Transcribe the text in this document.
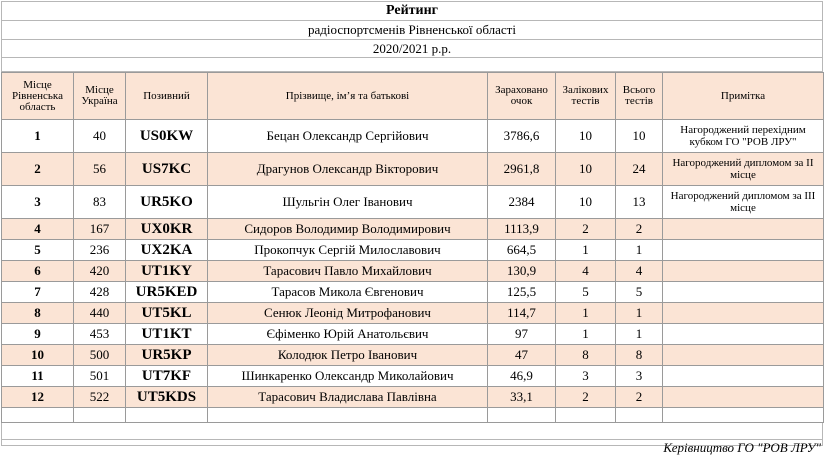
Рейтинг
радіоспортсменів Рівненської області
2020/2021 р.р.
Місце Рівненська область	Місце Україна	Позивний	Прізвище, ім’я та батькові	Зараховано очок	Залікових тестів	Всього тестів	Примітка
1	40	US0KW	Бецан Олександр Сергійович	3786,6	10	10	Нагороджений перехідним кубком ГО "РОВ ЛРУ"
2	56	US7KC	Драгунов Олександр Вікторович	2961,8	10	24	Нагороджений дипломом за II місце
3	83	UR5KO	Шульгін Олег Іванович	2384	10	13	Нагороджений дипломом за III місце
4	167	UX0KR	Сидоров Володимир Володимирович	1113,9	2	2	
5	236	UX2KA	Прокопчук Сергій Милославович	664,5	1	1	
6	420	UT1KY	Тарасович Павло Михайлович	130,9	4	4	
7	428	UR5KED	Тарасов Микола Євгенович	125,5	5	5	
8	440	UT5KL	Сенюк Леонід Митрофанович	114,7	1	1	
9	453	UT1KT	Єфіменко Юрій Анатольєвич	97	1	1	
10	500	UR5KP	Колодюк Петро Іванович	47	8	8	
11	501	UT7KF	Шинкаренко Олександр Миколайович	46,9	3	3	
12	522	UT5KDS	Тарасович Владислава Павлівна	33,1	2	2	

Керівництво ГО "РОВ ЛРУ"
